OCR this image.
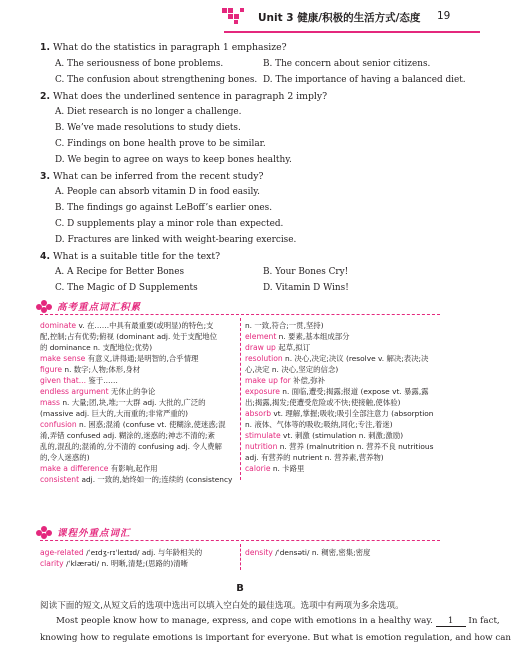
Unit 3 健康/积极的生活方式/态度 19
1. What do the statistics in paragraph 1 emphasize?
A. The seriousness of bone problems.	B. The concern about senior citizens.
C. The confusion about strengthening bones. D. The importance of having a balanced diet.
2. What does the underlined sentence in paragraph 2 imply?
A. Diet research is no longer a challenge.
B. We’ve made resolutions to study diets.
C. Findings on bone health prove to be similar.
D. We begin to agree on ways to keep bones healthy.
3. What can be inferred from the recent study?
A. People can absorb vitamin D in food easily.
B. The findings go against LeBoff’s earlier ones.
C. D supplements play a minor role than expected.
D. Fractures are linked with weight-bearing exercise.
4. What is a suitable title for the text?
A. A Recipe for Better Bones	B. Your Bones Cry!
C. The Magic of D Supplements	D. Vitamin D Wins!
高考重点词汇积累
dominate v. 在……中具有最重要(或明显)的特色;支
配,控制;占有优势;俯视 (dominant adj. 处于支配地位
的 dominance n. 支配地位;优势)
make sense 有意义,讲得通;是明智的,合乎情理
figure n. 数字;人物;体形,身材
given that... 鉴于……
endless argument 无休止的争论
mass n. 大量;团,块,堆;一大群 adj. 大批的,广泛的
(massive adj. 巨大的,大而重的;非常严重的)
confusion n. 困惑;混淆 (confuse vt. 使糊涂,使迷惑;混
淆,弄错 confused adj. 糊涂的,迷惑的;神志不清的;紊
乱的,混乱的;混淆的,分不清的 confusing adj. 令人费解
的,令人迷惑的)
make a difference 有影响,起作用
consistent adj. 一致的,始终如一的;连续的 (consistency
n. 一致,符合;一贯,坚持)
element n. 要素,基本组成部分
draw up 起草,拟订
resolution n. 决心,决定;决议 (resolve v. 解决;表决;决
心,决定 n. 决心,坚定的信念)
make up for 补偿,弥补
exposure n. 面临,遭受;揭露;报道 (expose vt. 暴露,露
出;揭露,揭发;使遭受危险或不快;使接触,使体验)
absorb vt. 理解,掌握;吸收;吸引全部注意力 (absorption
n. 液体、气体等的吸收;吸纳,同化;专注,着迷)
stimulate vt. 刺激 (stimulation n. 刺激;激励)
nutrition n. 营养 (malnutrition n. 营养不良 nutritious
adj. 有营养的 nutrient n. 营养素,营养物)
calorie n. 卡路里
课程外重点词汇
age-related /ˈeɪdʒ-rɪˈleɪtɪd/ adj. 与年龄相关的
clarity /ˈklærəti/ n. 明晰,清楚;(思路的)清晰
density /ˈdensəti/ n. 稠密,密集;密度
B
阅读下面的短文,从短文后的选项中选出可以填入空白处的最佳选项。选项中有两项为多余选项。
Most people know how to manage, express, and cope with emotions in a healthy way. 1 In fact,
knowing how to regulate emotions is important for everyone. But what is emotion regulation, and how can
